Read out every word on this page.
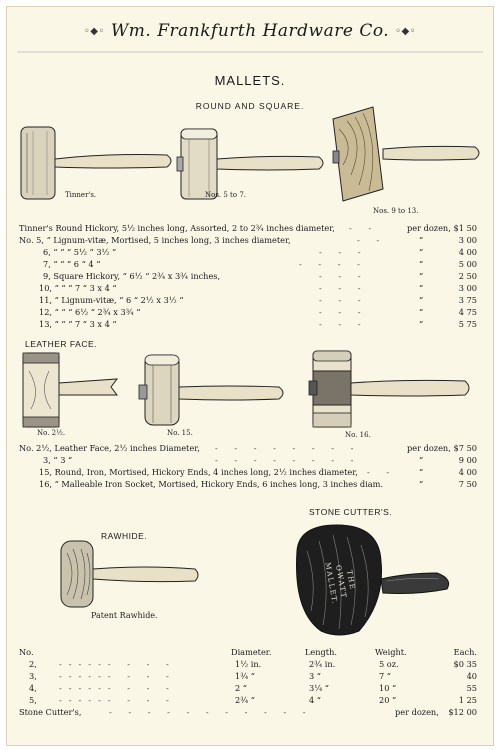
◦◆◦ Wm. Frankfurth Hardware Co. ◦◆◦
MALLETS.
ROUND AND SQUARE.
Tinner's.	Nos. 5 to 7.
Nos. 9 to 13.
Tinner's Round Hickory, 5½ inches long, Assorted, 2 to 2¾ inches diameter, - -	per dozen, $1 50
No. 5, “ Lignum-vitæ, Mortised, 5 inches long, 3 inches diameter,	- -	“	3 00
6, “ “ “ 5½ “ 3½ “	- - -	“	4 00
7, “ “ “ 6 “ 4 “	- - - -	“	5 00
9, Square Hickory, “ 6½ “ 2¾ x 3¾ inches,	- - -	“	2 50
10, “ “ “ 7 “ 3 x 4 “	- - -	“	3 00
11, “ Lignum-vitæ, “ 6 “ 2½ x 3½ “	- - -	“	3 75
12, “ “ “ 6½ “ 2¾ x 3¾ “	- - -	“	4 75
13, “ “ “ 7 “ 3 x 4 “	- - -	“	5 75
LEATHER FACE.
No. 2½.	No. 15.	No. 16.
No. 2½, Leather Face, 2½ inches Diameter, - - - - - - - -	per dozen, $7 50
3, “ 3 “	- - - - - - - -	“	9 00
15, Round, Iron, Mortised, Hickory Ends, 4 inches long, 2½ inches diameter, - -	“	4 00
16, “ Malleable Iron Socket, Mortised, Hickory Ends, 6 inches long, 3 inches diam.	“	7 50
RAWHIDE.
Patent Rawhide.
STONE CUTTER'S.
THE OWATT MALLET.
No.	Diameter.	Length.	Weight.	Each.
2,	------ - - -	1½ in.	2¾ in.	5 oz.	$0 35
3,	------ - - -	1¾ “	3 “	7 “	40
4,	------ - - -	2 “	3¼ “	10 “	55
5,	------ - - -	2¾ “	4 “	20 “	1 25
Stone Cutter's,	- - - - - - - - - - -	per dozen, $12 00
